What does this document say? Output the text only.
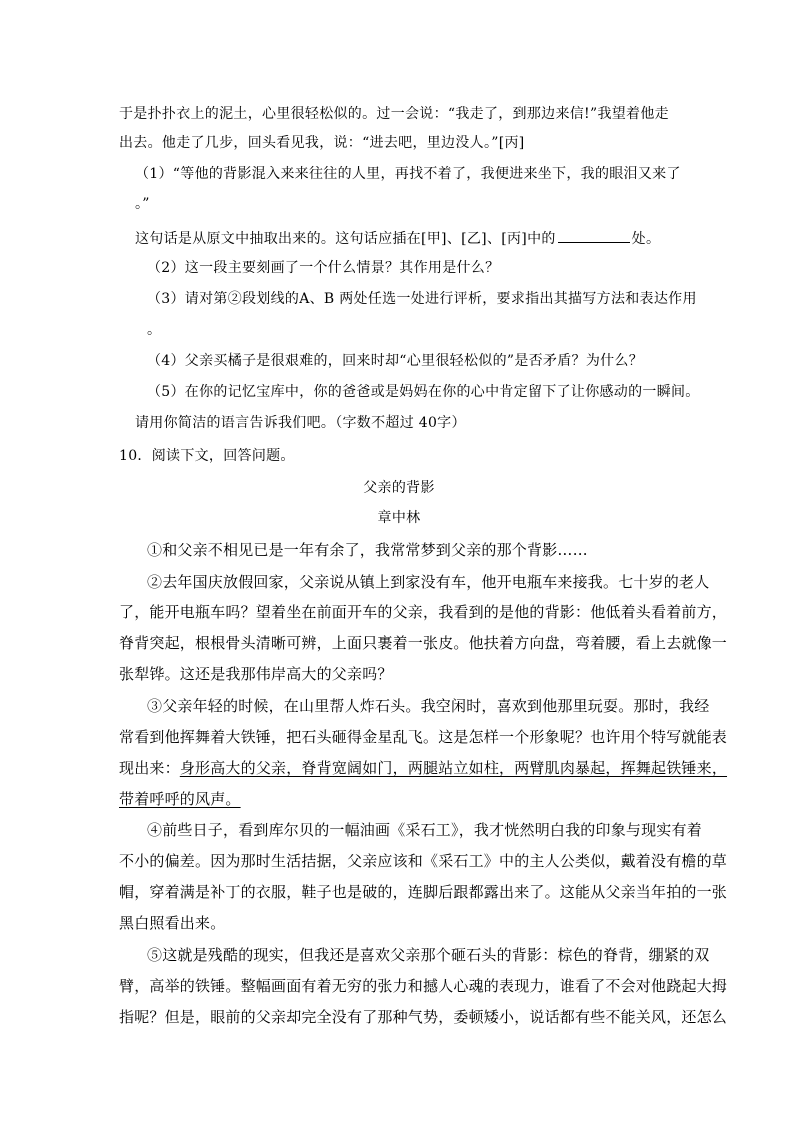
于是扑扑衣上的泥土，心里很轻松似的。过一会说：“我走了，到那边来信!”我望着他走
出去。他走了几步，回头看见我，说：“进去吧，里边没人。”[丙]
（1）“等他的背影混入来来往往的人里，再找不着了，我便进来坐下，我的眼泪又来了
。”
这句话是从原文中抽取出来的。这句话应插在[甲]、[乙]、[丙]中的	处。
（2）这一段主要刻画了一个什么情景？其作用是什么？
（3）请对第②段划线的A、B 两处任选一处进行评析，要求指出其描写方法和表达作用
。
（4）父亲买橘子是很艰难的，回来时却“心里很轻松似的”是否矛盾？为什么？
（5）在你的记忆宝库中，你的爸爸或是妈妈在你的心中肯定留下了让你感动的一瞬间。
请用你简洁的语言告诉我们吧。（字数不超过 40字）
10．阅读下文，回答问题。
父亲的背影
章中林
①和父亲不相见已是一年有余了，我常常梦到父亲的那个背影……
②去年国庆放假回家，父亲说从镇上到家没有车，他开电瓶车来接我。七十岁的老人
了，能开电瓶车吗？望着坐在前面开车的父亲，我看到的是他的背影：他低着头看着前方，
脊背突起，根根骨头清晰可辨，上面只裹着一张皮。他扶着方向盘，弯着腰，看上去就像一
张犁铧。这还是我那伟岸高大的父亲吗？
③父亲年轻的时候，在山里帮人炸石头。我空闲时，喜欢到他那里玩耍。那时，我经
常看到他挥舞着大铁锤，把石头砸得金星乱飞。这是怎样一个形象呢？也许用个特写就能表
现出来：身形高大的父亲，脊背宽阔如门，两腿站立如柱，两臂肌肉暴起，挥舞起铁锤来，
带着呼呼的风声。
④前些日子，看到库尔贝的一幅油画《采石工》，我才恍然明白我的印象与现实有着
不小的偏差。因为那时生活拮据，父亲应该和《采石工》中的主人公类似，戴着没有檐的草
帽，穿着满是补丁的衣服，鞋子也是破的，连脚后跟都露出来了。这能从父亲当年拍的一张
黑白照看出来。
⑤这就是残酷的现实，但我还是喜欢父亲那个砸石头的背影：棕色的脊背，绷紧的双
臂，高举的铁锤。整幅画面有着无穷的张力和撼人心魂的表现力，谁看了不会对他跷起大拇
指呢？但是，眼前的父亲却完全没有了那种气势，委顿矮小，说话都有些不能关风，还怎么
